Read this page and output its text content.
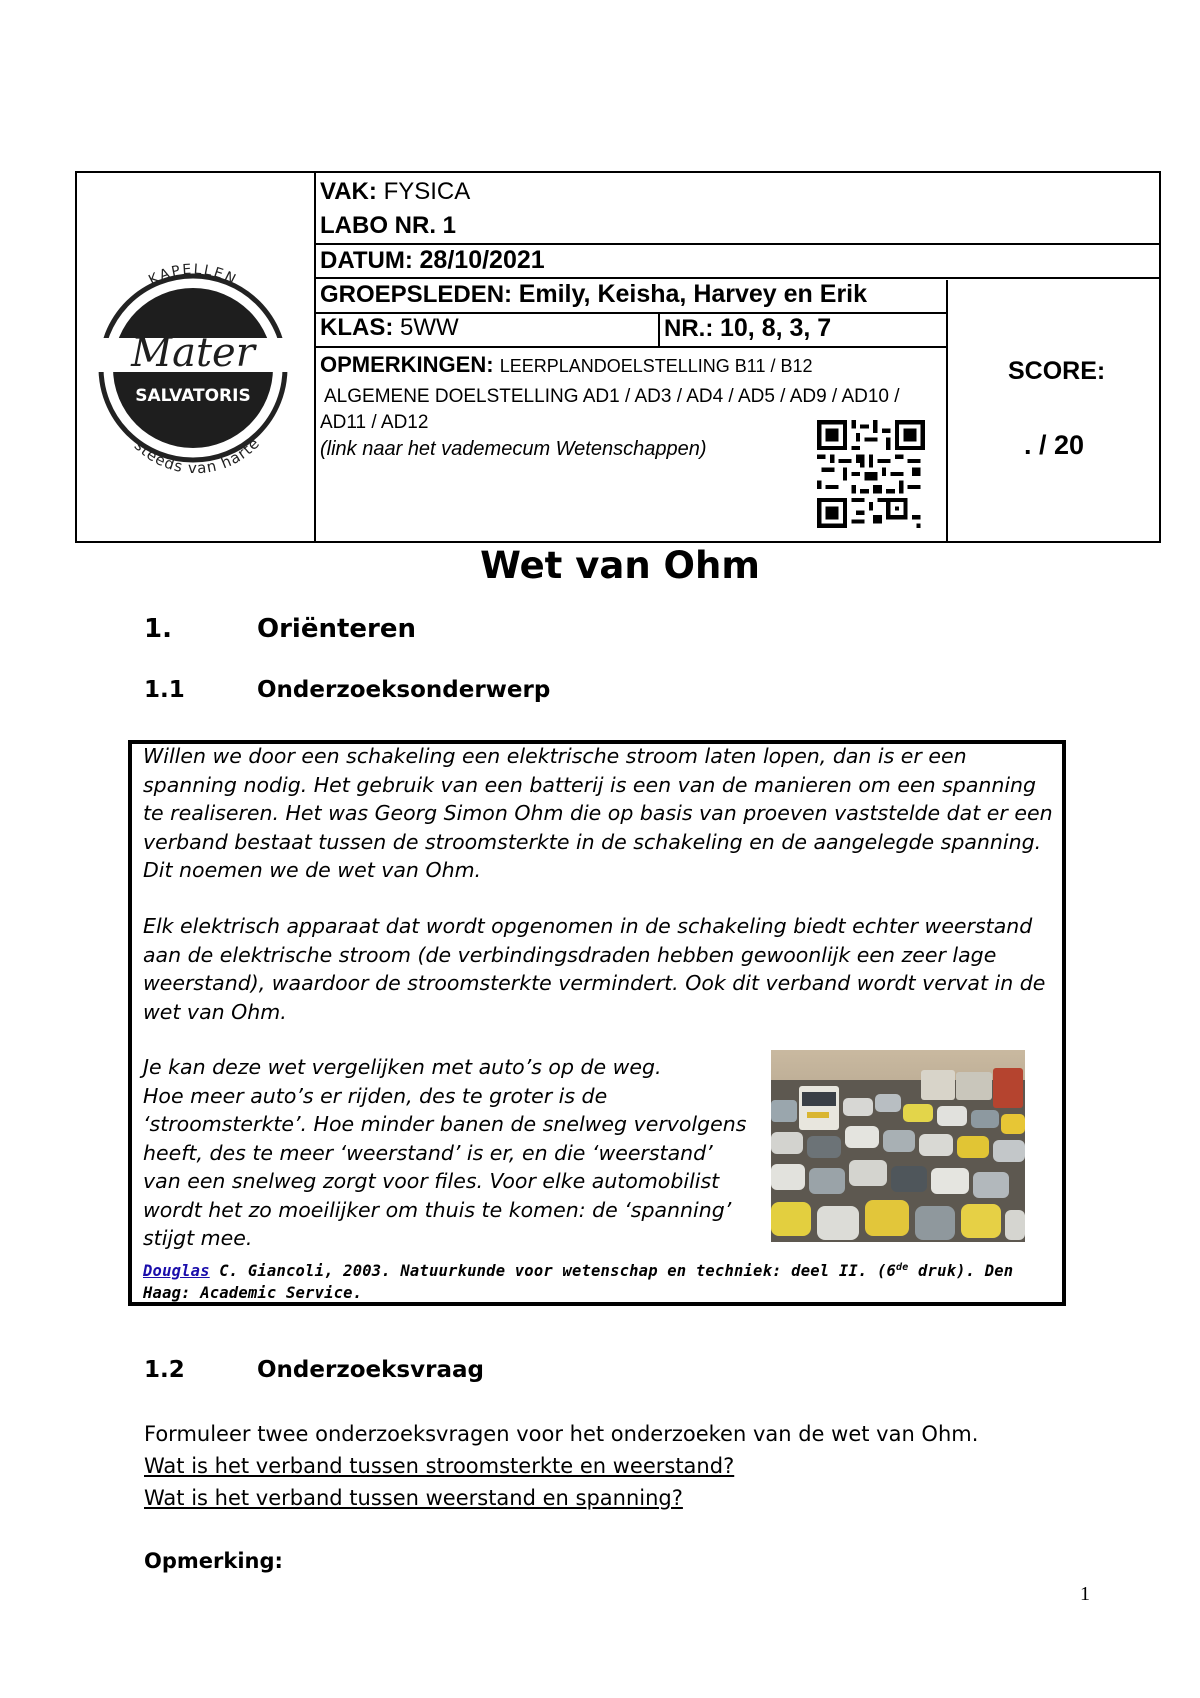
KAPELLEN
Mater
SALVATORIS
steeds van harte
VAK: FYSICA
LABO NR. 1
DATUM: 28/10/2021
GROEPSLEDEN: Emily, Keisha, Harvey en Erik
KLAS: 5WW	NR.: 10, 8, 3, 7
OPMERKINGEN: LEERPLANDOELSTELLING B11 / B12
ALGEMENE DOELSTELLING AD1 / AD3 / AD4 / AD5 / AD9 / AD10 /
AD11 / AD12
(link naar het vademecum Wetenschappen)
SCORE:
. / 20
Wet van Ohm
1.	Oriënteren
1.1	Onderzoeksonderwerp
Willen we door een schakeling een elektrische stroom laten lopen, dan is er een
spanning nodig. Het gebruik van een batterij is een van de manieren om een spanning
te realiseren. Het was Georg Simon Ohm die op basis van proeven vaststelde dat er een
verband bestaat tussen de stroomsterkte in de schakeling en de aangelegde spanning.
Dit noemen we de wet van Ohm.
Elk elektrisch apparaat dat wordt opgenomen in de schakeling biedt echter weerstand
aan de elektrische stroom (de verbindingsdraden hebben gewoonlijk een zeer lage
weerstand), waardoor de stroomsterkte vermindert. Ook dit verband wordt vervat in de
wet van Ohm.
Je kan deze wet vergelijken met auto’s op de weg.
Hoe meer auto’s er rijden, des te groter is de
‘stroomsterkte’. Hoe minder banen de snelweg vervolgens
heeft, des te meer ‘weerstand’ is er, en die ‘weerstand’
van een snelweg zorgt voor files. Voor elke automobilist
wordt het zo moeilijker om thuis te komen: de ‘spanning’
stijgt mee.
Douglas C. Giancoli, 2003. Natuurkunde voor wetenschap en techniek: deel II. (6de druk). Den
Haag: Academic Service.
1.2	Onderzoeksvraag
Formuleer twee onderzoeksvragen voor het onderzoeken van de wet van Ohm.
Wat is het verband tussen stroomsterkte en weerstand?
Wat is het verband tussen weerstand en spanning?
Opmerking:
1
